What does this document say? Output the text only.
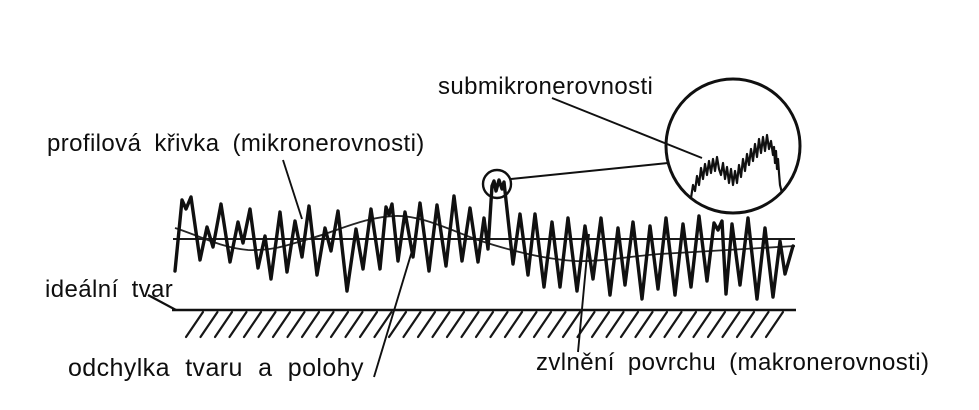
profilová křivka (mikronerovnosti)
submikronerovnosti
ideální tvar
odchylka tvaru a polohy	zvlnění povrchu (makronerovnosti)
